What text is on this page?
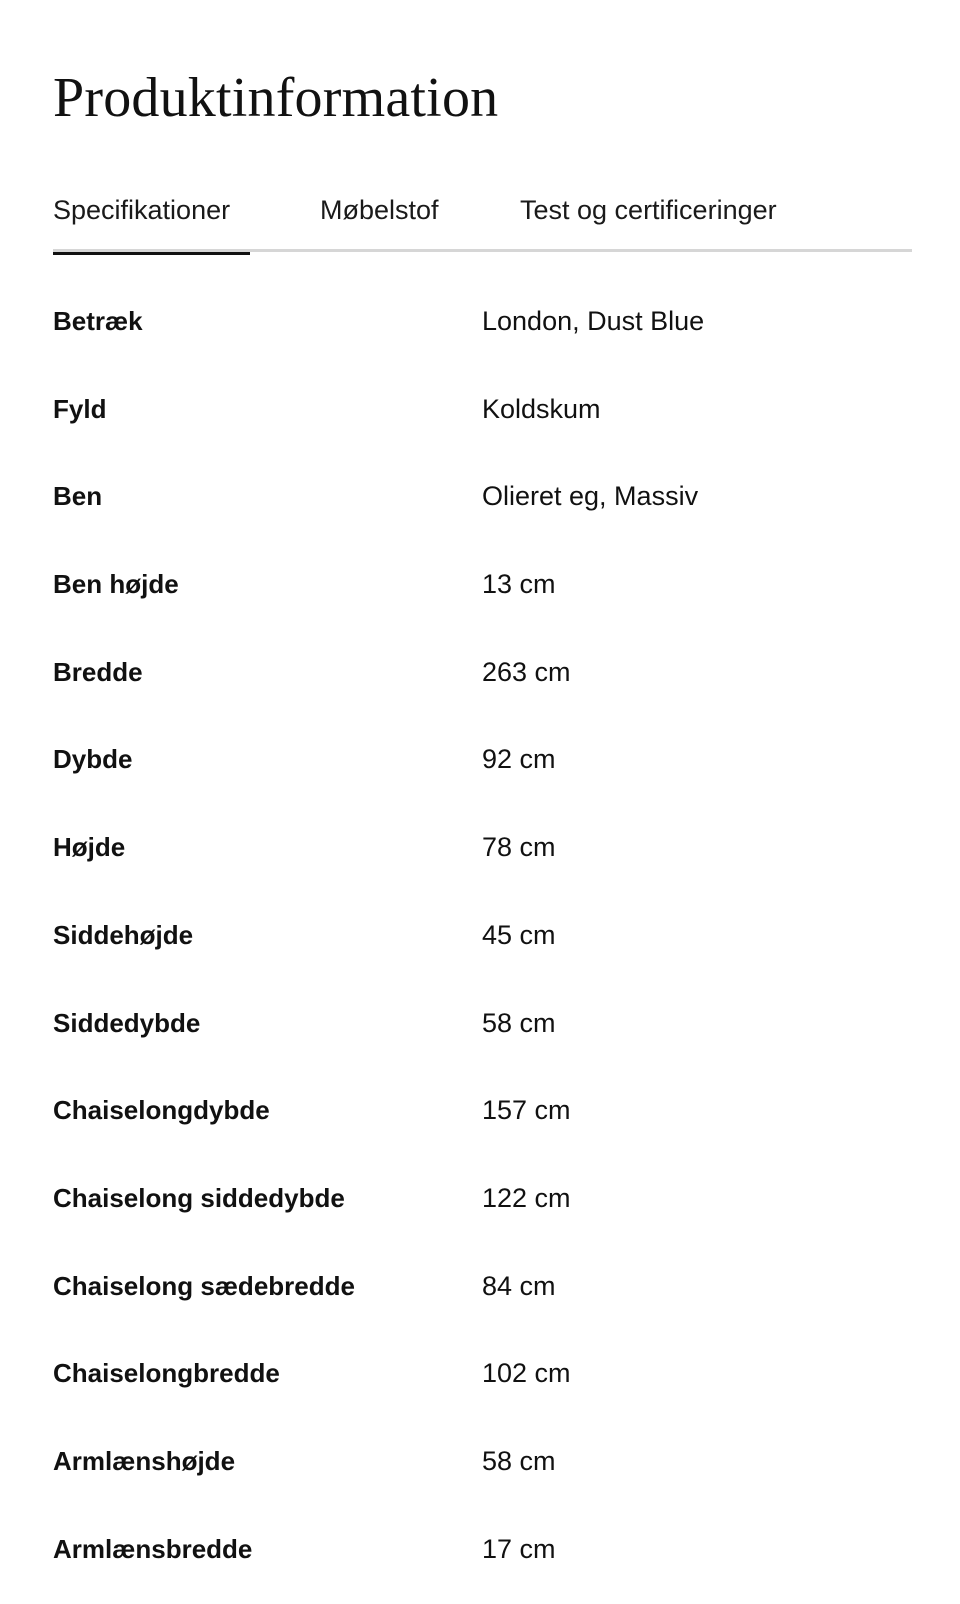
Produktinformation
Specifikationer	Møbelstof	Test og certificeringer
Betræk	London, Dust Blue
Fyld	Koldskum
Ben	Olieret eg, Massiv
Ben højde	13 cm
Bredde	263 cm
Dybde	92 cm
Højde	78 cm
Siddehøjde	45 cm
Siddedybde	58 cm
Chaiselongdybde	157 cm
Chaiselong siddedybde	122 cm
Chaiselong sædebredde	84 cm
Chaiselongbredde	102 cm
Armlænshøjde	58 cm
Armlænsbredde	17 cm
